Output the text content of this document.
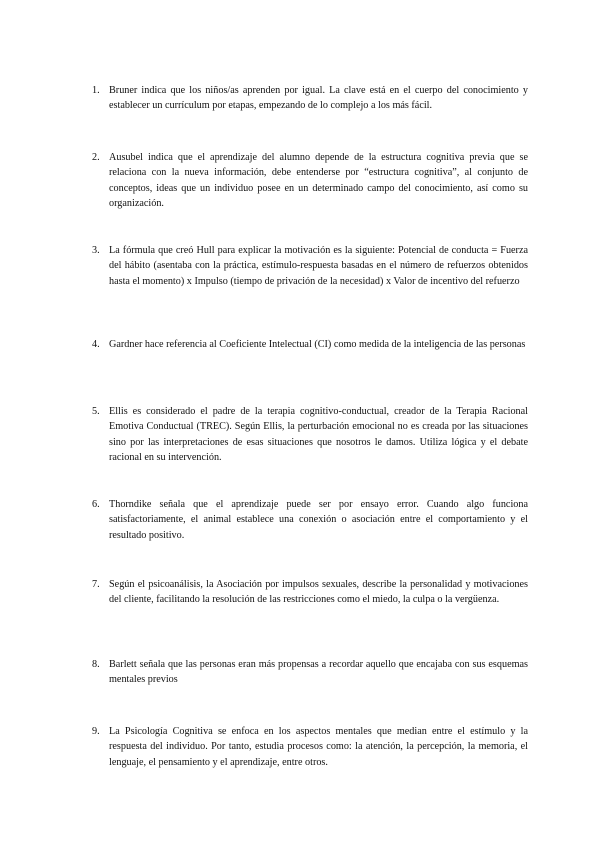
1. Bruner indica que los niños/as aprenden por igual. La clave está en el cuerpo del conocimiento y establecer un currículum por etapas, empezando de lo complejo a los más fácil.
2. Ausubel indica que el aprendizaje del alumno depende de la estructura cognitiva previa que se relaciona con la nueva información, debe entenderse por “estructura cognitiva”, al conjunto de conceptos, ideas que un individuo posee en un determinado campo del conocimiento, así como su organización.
3. La fórmula que creó Hull para explicar la motivación es la siguiente: Potencial de conducta = Fuerza del hábito (asentaba con la práctica, estímulo-respuesta basadas en el número de refuerzos obtenidos hasta el momento) x Impulso (tiempo de privación de la necesidad) x Valor de incentivo del refuerzo
4. Gardner hace referencia al Coeficiente Intelectual (CI) como medida de la inteligencia de las personas
5. Ellis es considerado el padre de la terapia cognitivo-conductual, creador de la Terapia Racional Emotiva Conductual (TREC). Según Ellis, la perturbación emocional no es creada por las situaciones sino por las interpretaciones de esas situaciones que nosotros le damos. Utiliza lógica y el debate racional en su intervención.
6. Thorndike señala que el aprendizaje puede ser por ensayo error. Cuando algo funciona satisfactoriamente, el animal establece una conexión o asociación entre el comportamiento y el resultado positivo.
7. Según el psicoanálisis, la Asociación por impulsos sexuales, describe la personalidad y motivaciones del cliente, facilitando la resolución de las restricciones como el miedo, la culpa o la vergüenza.
8. Barlett señala que las personas eran más propensas a recordar aquello que encajaba con sus esquemas mentales previos
9. La Psicología Cognitiva se enfoca en los aspectos mentales que median entre el estímulo y la respuesta del individuo. Por tanto, estudia procesos como: la atención, la percepción, la memoria, el lenguaje, el pensamiento y el aprendizaje, entre otros.
